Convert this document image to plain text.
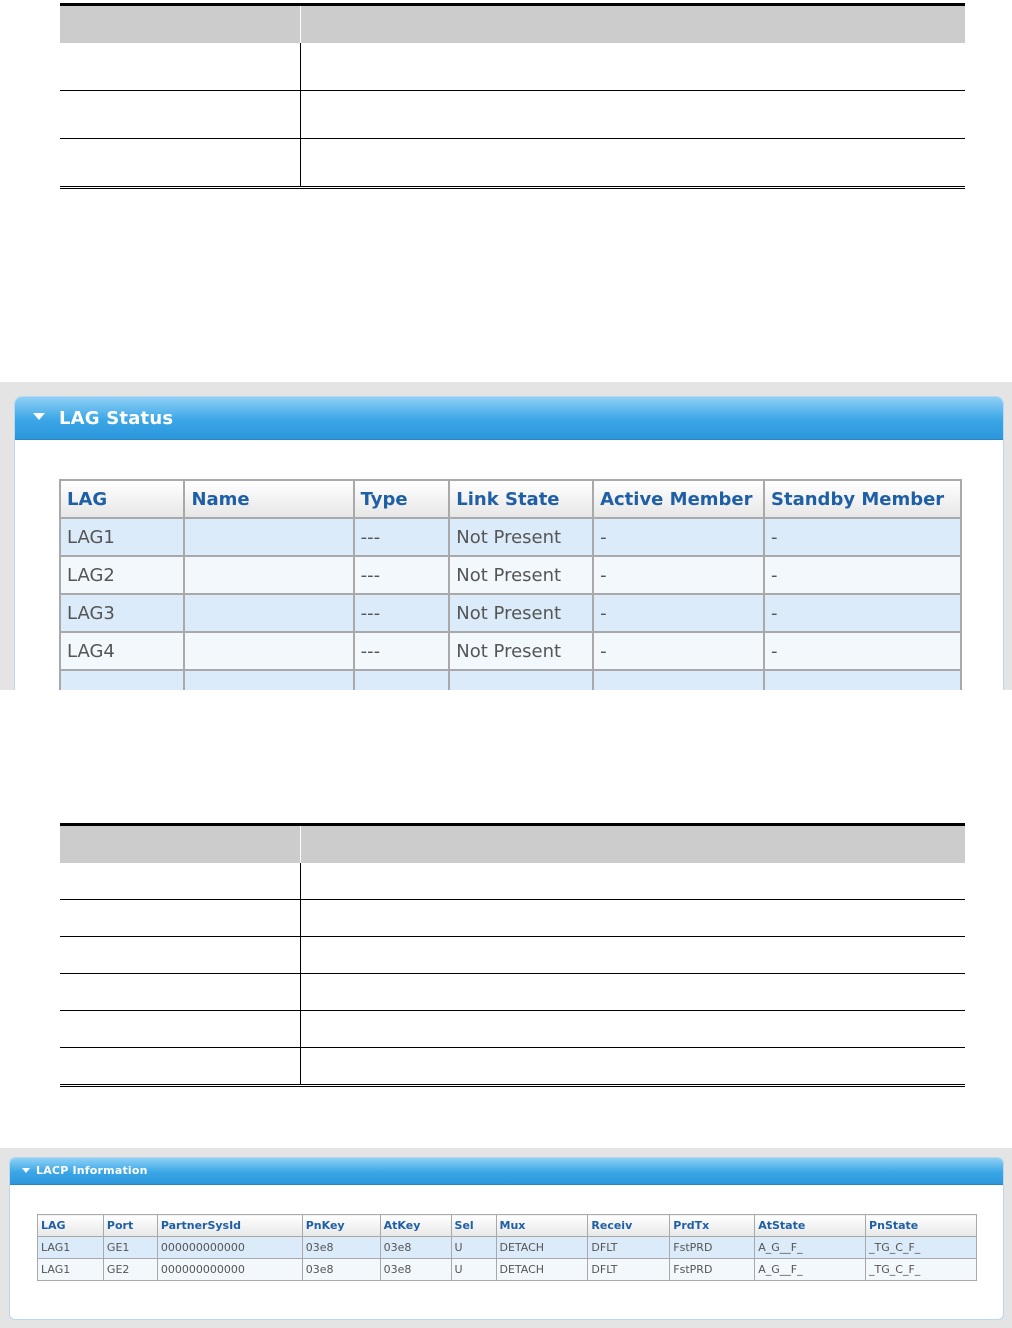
LAG Status
LAG	Name	Type	Link State	Active Member	Standby Member
LAG1		---	Not Present	-	-
LAG2		---	Not Present	-	-
LAG3		---	Not Present	-	-
LAG4		---	Not Present	-	-

LACP Information
LAG	Port	PartnerSysId	PnKey	AtKey	Sel	Mux	Receiv	PrdTx	AtState	PnState
LAG1	GE1	000000000000	03e8	03e8	U	DETACH	DFLT	FstPRD	A_G__F_	_TG_C_F_
LAG1	GE2	000000000000	03e8	03e8	U	DETACH	DFLT	FstPRD	A_G__F_	_TG_C_F_
